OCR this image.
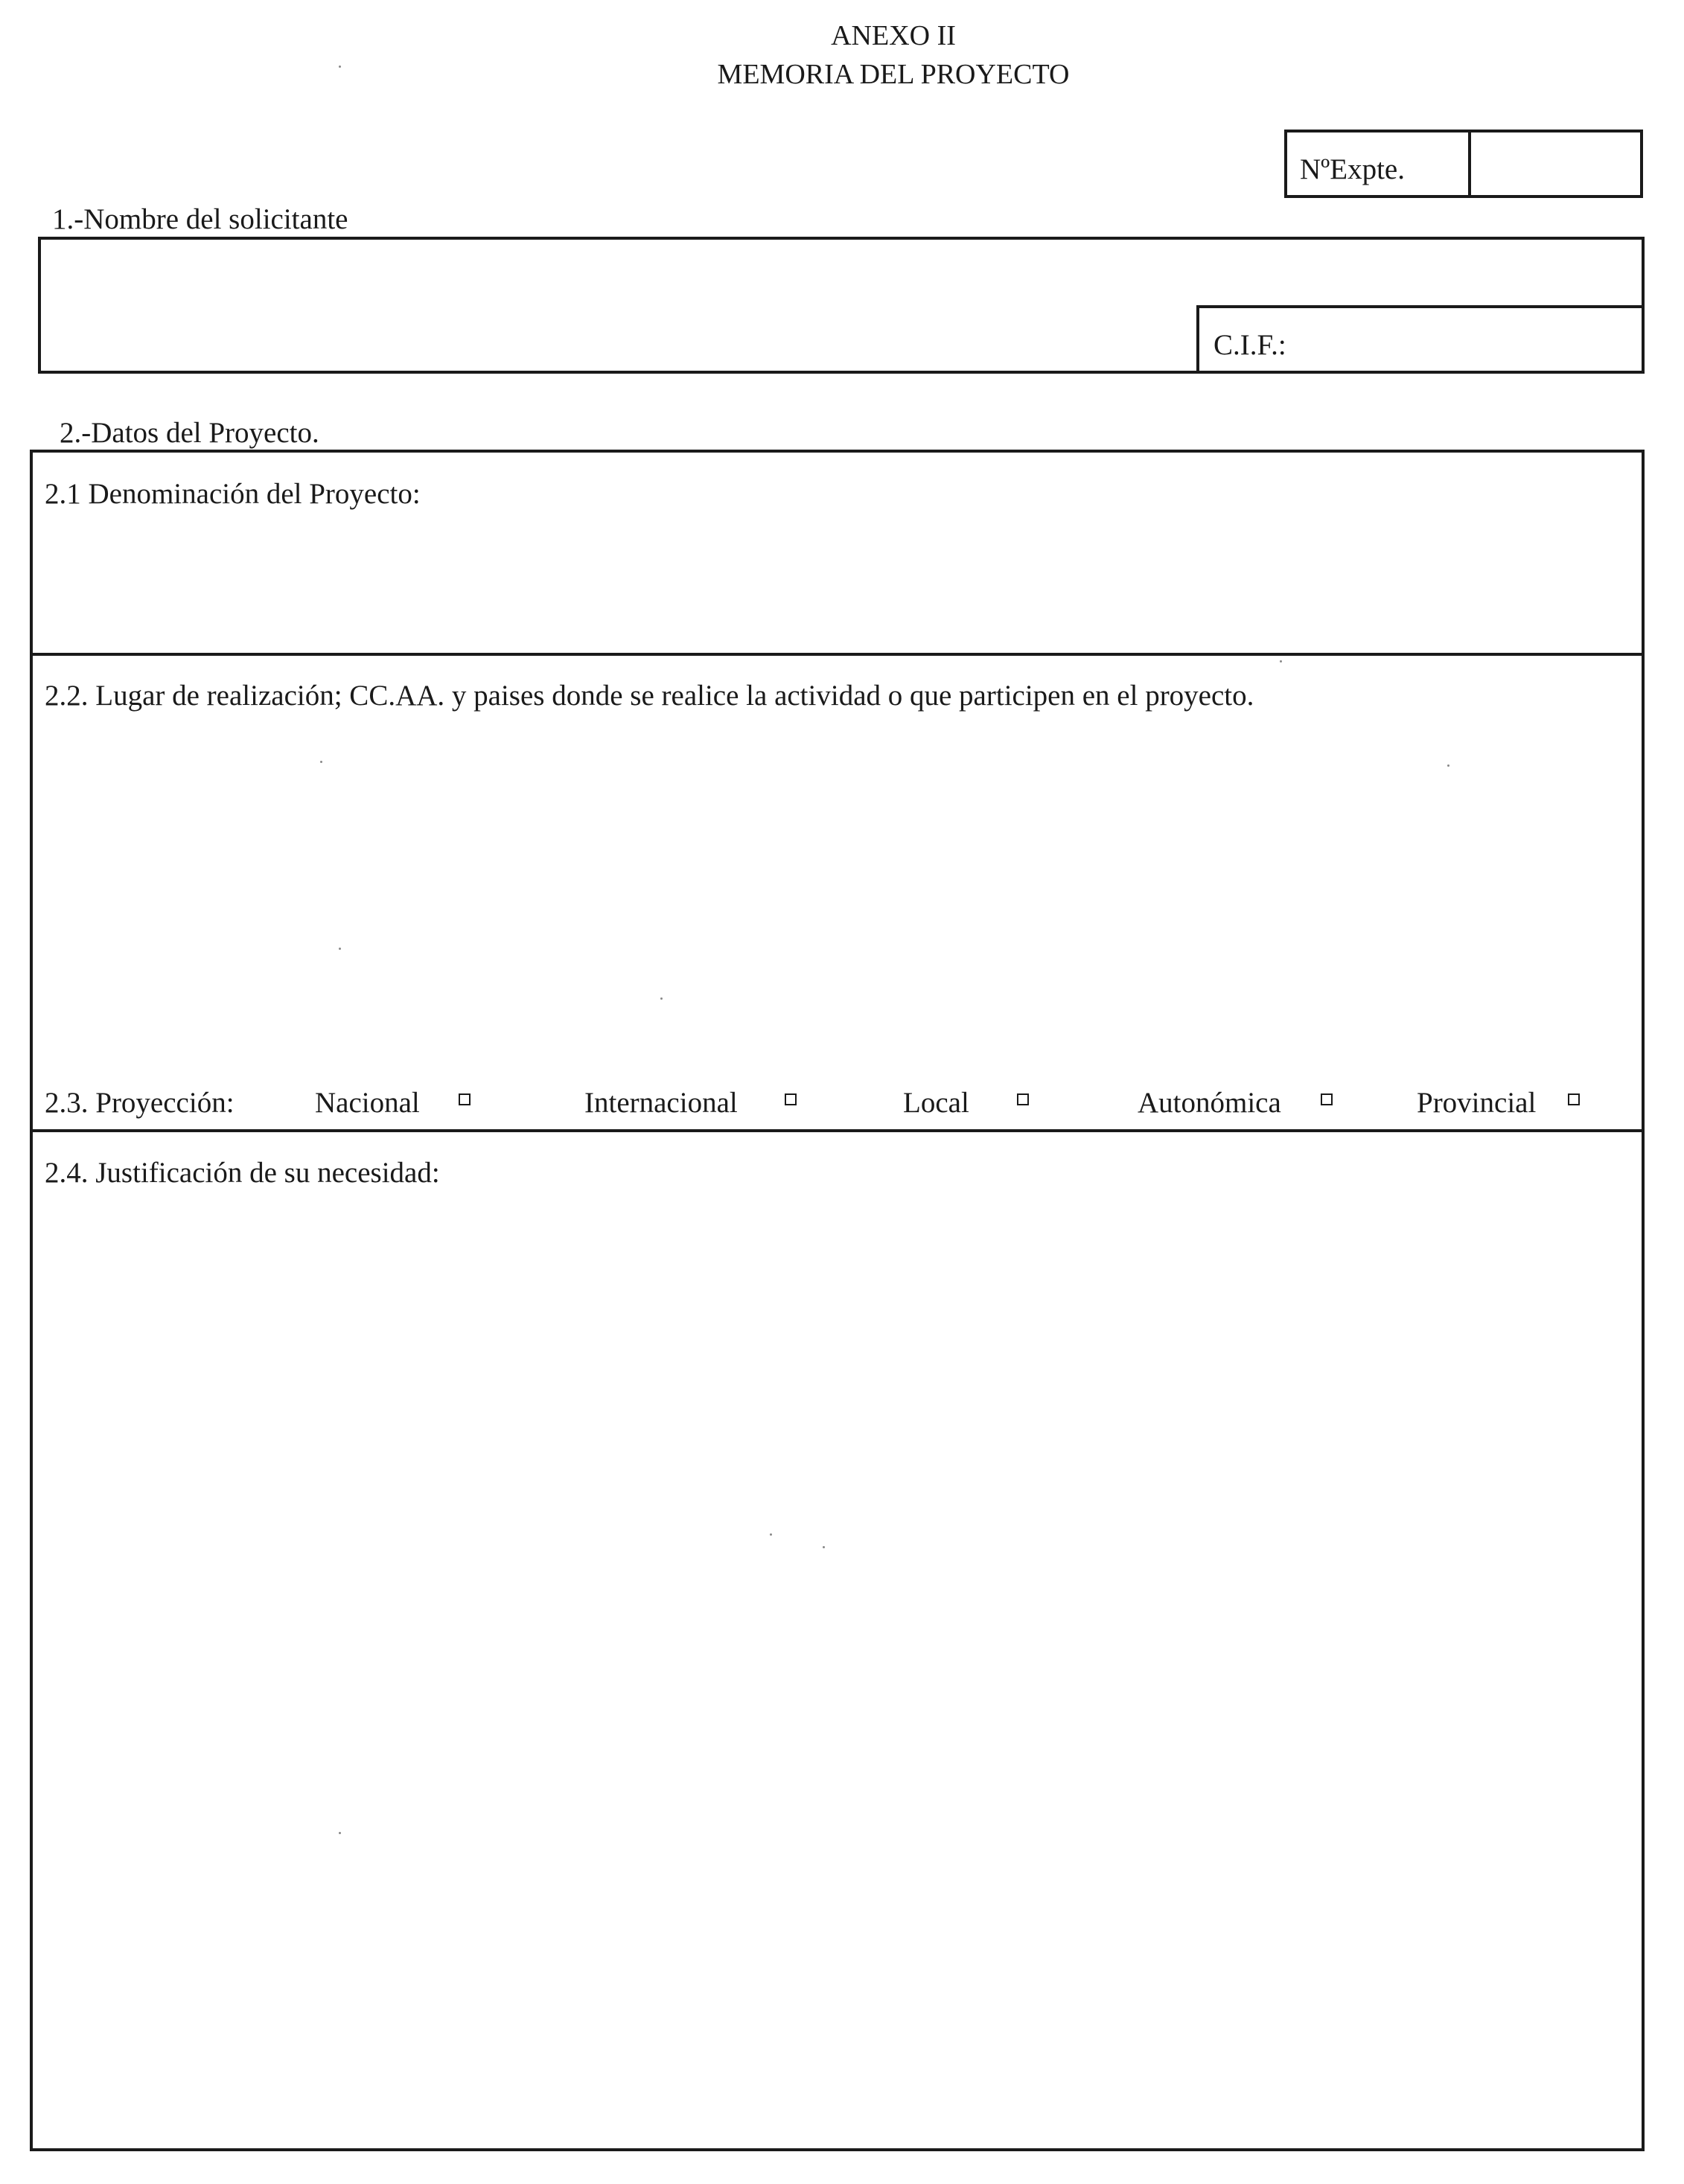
ANEXO II
MEMORIA DEL PROYECTO
NºExpte.
1.-Nombre del solicitante
C.I.F.:
2.-Datos del Proyecto.
2.1 Denominación del Proyecto:
2.2. Lugar de realización; CC.AA. y paises donde se realice la actividad o que participen en el proyecto.
2.3. Proyección:	Nacional	Internacional	Local	Autonómica	Provincial
2.4. Justificación de su necesidad:
